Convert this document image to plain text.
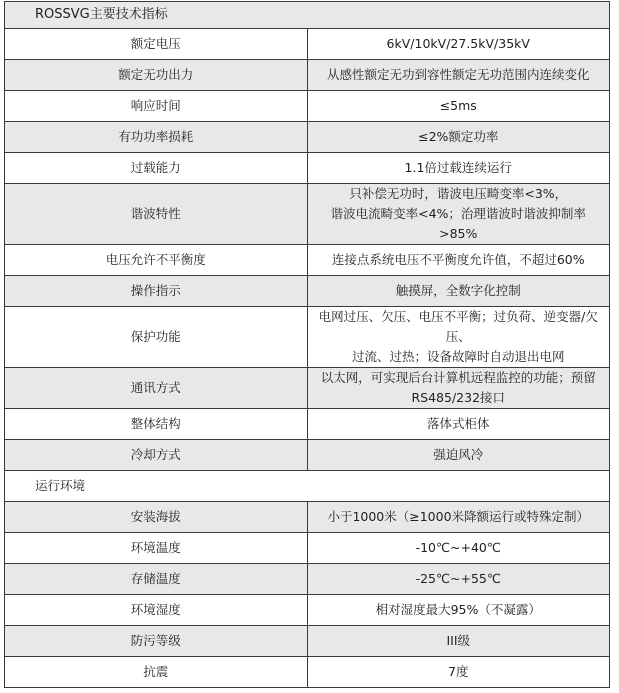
ROSSVG主要技术指标	
额定电压	6kV/10kV/27.5kV/35kV

额定无功出力	从感性额定无功到容性额定无功范围内连续变化

响应时间	≤5ms

有功功率损耗	≤2%额定功率

过载能力	1.1倍过载连续运行

谐波特性	只补偿无功时，谐波电压畸变率<3%，
谐波电流畸变率<4%；治理谐波时谐波抑制率>85%

电压允许不平衡度	连接点系统电压不平衡度允许值，不超过60%

操作指示	触摸屏，全数字化控制

保护功能	电网过压、欠压、电压不平衡；过负荷、逆变器/欠压、
过流、过热；设备故障时自动退出电网

通讯方式	以太网，可实现后台计算机远程监控的功能；预留RS485/232接口

整体结构	落体式柜体

冷却方式	强迫风冷

运行环境	
安装海拔	小于1000米（≥1000米降额运行或特殊定制）

环境温度	-10℃~+40℃

存储温度	-25℃~+55℃

环境湿度	相对湿度最大95%（不凝露）

防污等级	III级

抗震	7度
